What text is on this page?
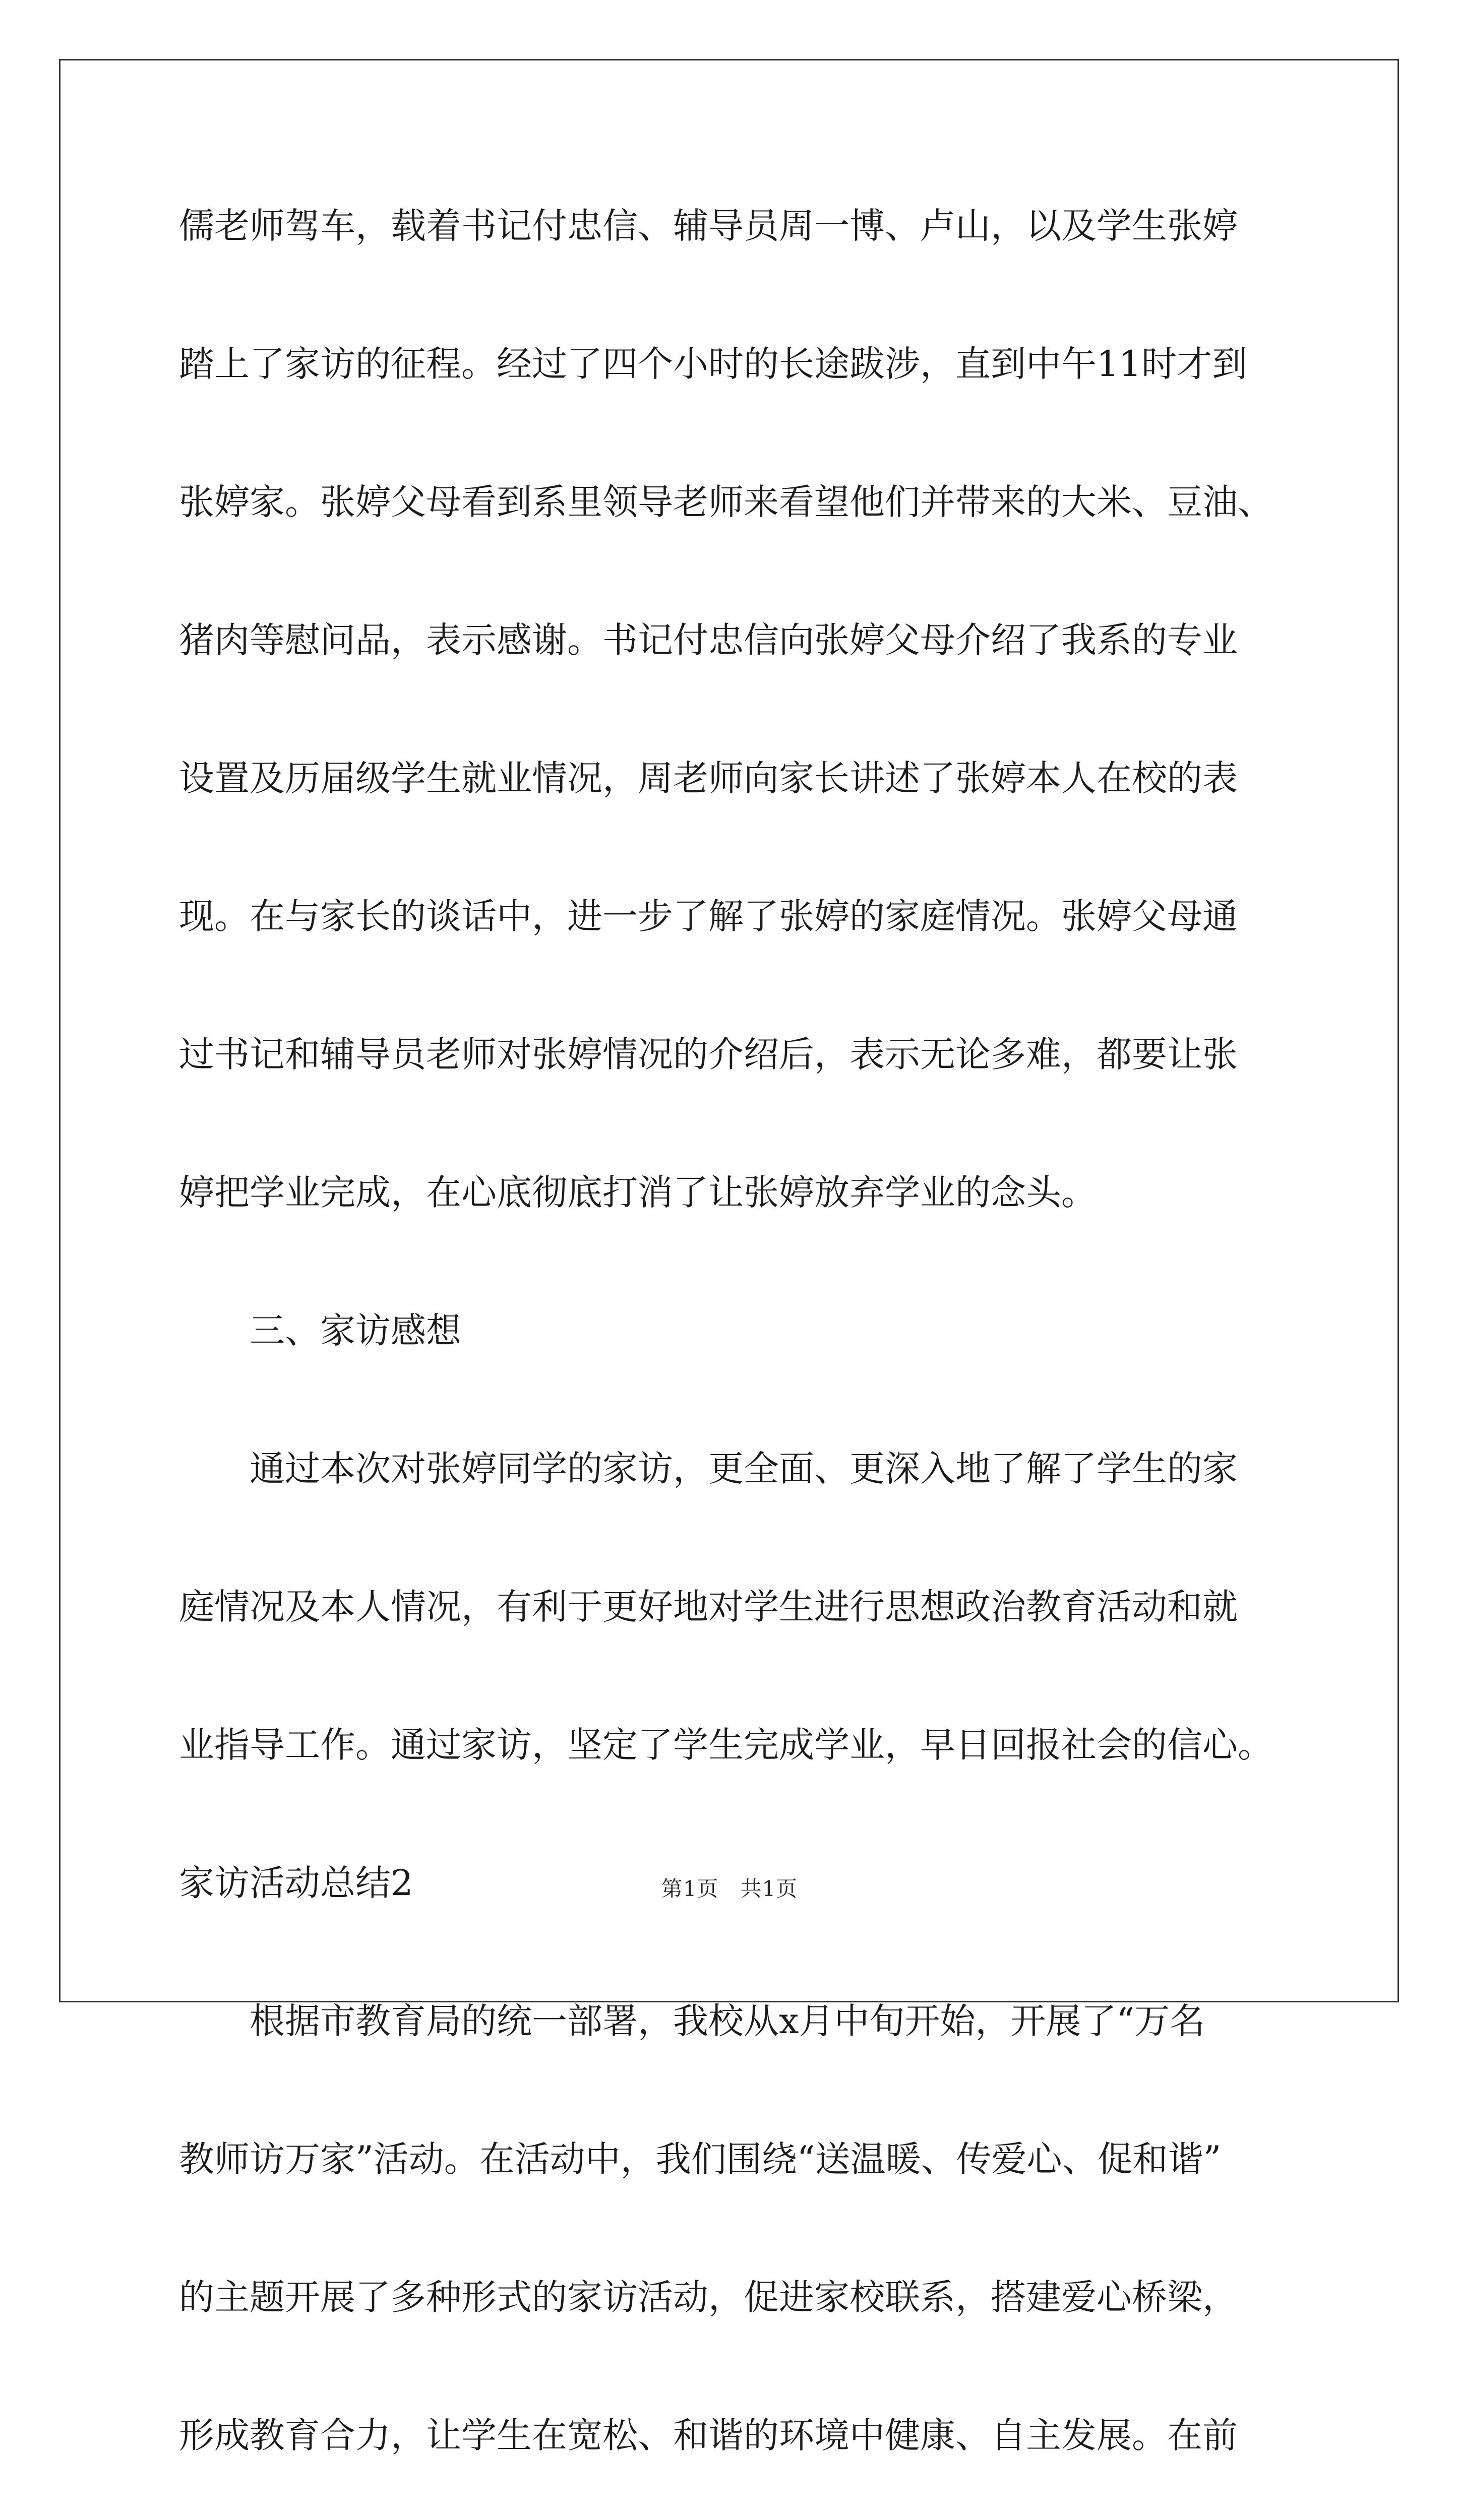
儒老师驾车，载着书记付忠信、辅导员周一博、卢山，以及学生张婷
踏上了家访的征程。经过了四个小时的长途跋涉，直到中午11时才到
张婷家。张婷父母看到系里领导老师来看望他们并带来的大米、豆油、
猪肉等慰问品，表示感谢。书记付忠信向张婷父母介绍了我系的专业
设置及历届级学生就业情况，周老师向家长讲述了张婷本人在校的表
现。在与家长的谈话中，进一步了解了张婷的家庭情况。张婷父母通
过书记和辅导员老师对张婷情况的介绍后，表示无论多难，都要让张
婷把学业完成，在心底彻底打消了让张婷放弃学业的念头。
三、家访感想
通过本次对张婷同学的家访，更全面、更深入地了解了学生的家
庭情况及本人情况，有利于更好地对学生进行思想政治教育活动和就
业指导工作。通过家访，坚定了学生完成学业，早日回报社会的信心。
家访活动总结2
根据市教育局的统一部署，我校从x月中旬开始，开展了“万名
教师访万家”活动。在活动中，我们围绕“送温暖、传爱心、促和谐”
的主题开展了多种形式的家访活动，促进家校联系，搭建爱心桥梁，
形成教育合力，让学生在宽松、和谐的环境中健康、自主发展。在前
第1页　共1页
